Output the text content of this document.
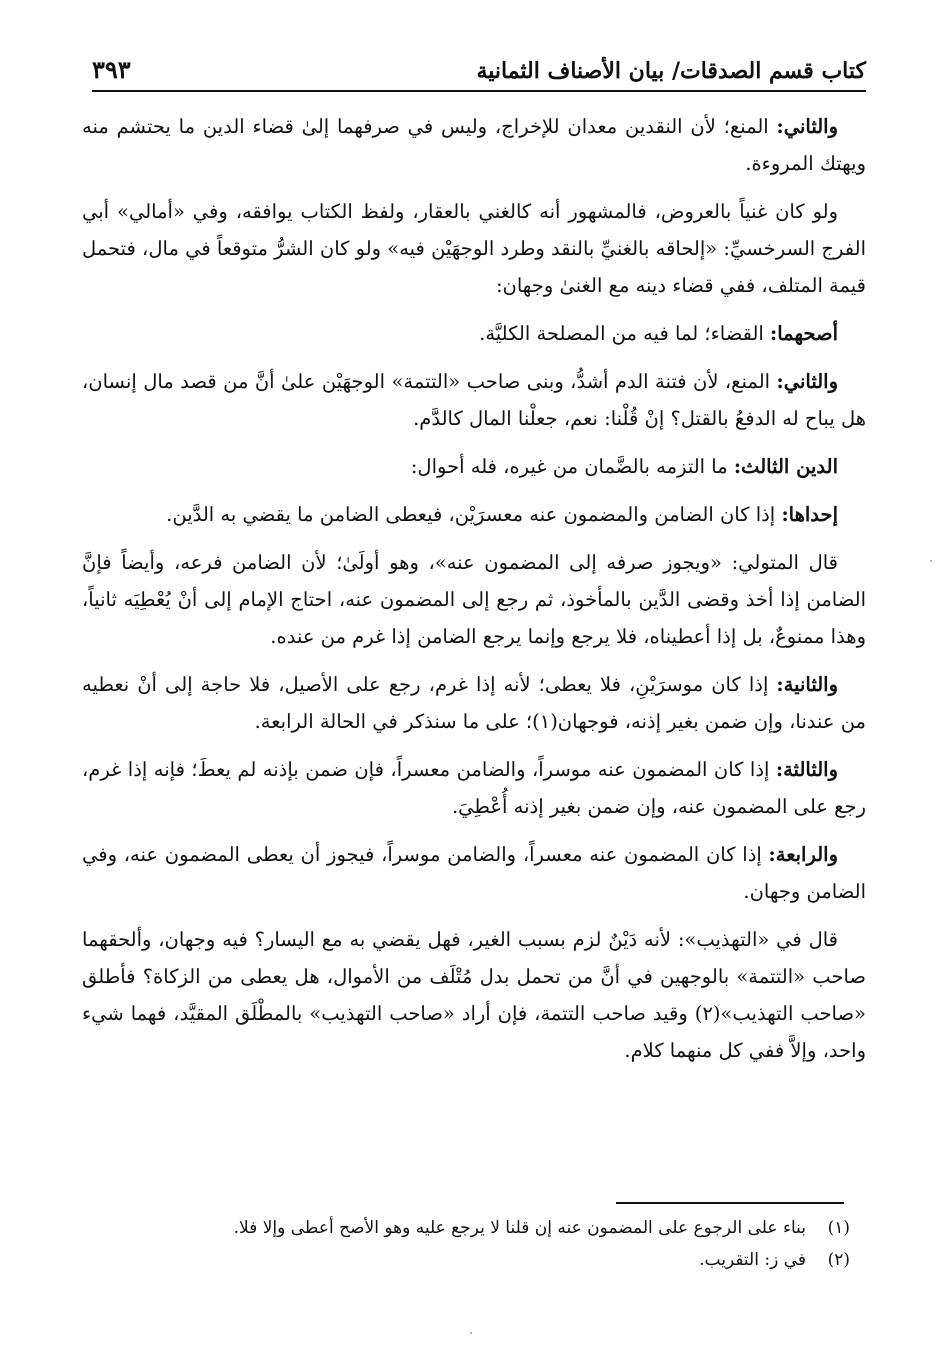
كتاب قسم الصدقات/ بيان الأصناف الثمانية
٣٩٣

والثاني: المنع؛ لأن النقدين معدان للإخراج، وليس في صرفهما إلىٰ قضاء الدين ما يحتشم منه ويهتك المروءة.

ولو كان غنياً بالعروض، فالمشهور أنه كالغني بالعقار، ولفظ الكتاب يوافقه، وفي «أمالي» أبي الفرج السرخسيِّ: «إلحاقه بالغنيِّ بالنقد وطرد الوجهَيْن فيه» ولو كان الشرُّ متوقعاً في مال، فتحمل قيمة المتلف، ففي قضاء دينه مع الغنىٰ وجهان:

أصحهما: القضاء؛ لما فيه من المصلحة الكليَّة.

والثاني: المنع، لأن فتنة الدم أشدُّ، وبنى صاحب «التتمة» الوجهَيْن علىٰ أنَّ من قصد مال إنسان، هل يباح له الدفعُ بالقتل؟ إنْ قُلْنا: نعم، جعلْنا المال كالدَّم.

الدين الثالث: ما التزمه بالضَّمان من غيره، فله أحوال:

إحداها: إذا كان الضامن والمضمون عنه معسرَيْن، فيعطى الضامن ما يقضي به الدَّين.

قال المتولي: «ويجوز صرفه إلى المضمون عنه»، وهو أولَىٰ؛ لأن الضامن فرعه، وأيضاً فإنَّ الضامن إذا أخذ وقضى الدَّين بالمأخوذ، ثم رجع إلى المضمون عنه، احتاج الإمام إلى أنْ يُعْطِيَه ثانياً، وهذا ممنوعٌ، بل إذا أعطيناه، فلا يرجع وإنما يرجع الضامن إذا غرم من عنده.

والثانية: إذا كان موسرَيْنِ، فلا يعطى؛ لأنه إذا غرم، رجع على الأصيل، فلا حاجة إلى أنْ نعطيه من عندنا، وإن ضمن بغير إذنه، فوجهان(١)؛ على ما سنذكر في الحالة الرابعة.

والثالثة: إذا كان المضمون عنه موسراً، والضامن معسراً، فإن ضمن بإذنه لم يعطَ؛ فإنه إذا غرم، رجع على المضمون عنه، وإن ضمن بغير إذنه أُعْطِيَ.

والرابعة: إذا كان المضمون عنه معسراً، والضامن موسراً، فيجوز أن يعطى المضمون عنه، وفي الضامن وجهان.

قال في «التهذيب»: لأنه دَيْنٌ لزم بسبب الغير، فهل يقضي به مع اليسار؟ فيه وجهان، وألحقهما صاحب «التتمة» بالوجهين في أنَّ من تحمل بدل مُتْلَف من الأموال، هل يعطى من الزكاة؟ فأطلق «صاحب التهذيب»(٢) وقيد صاحب التتمة، فإن أراد «صاحب التهذيب» بالمطْلَق المقيَّد، فهما شيء واحد، وإلاَّ ففي كل منهما كلام.

(١)
بناء على الرجوع على المضمون عنه إن قلنا لا يرجع عليه وهو الأصح أعطى وإلا فلا.
(٢)
في ز: التقريب.
